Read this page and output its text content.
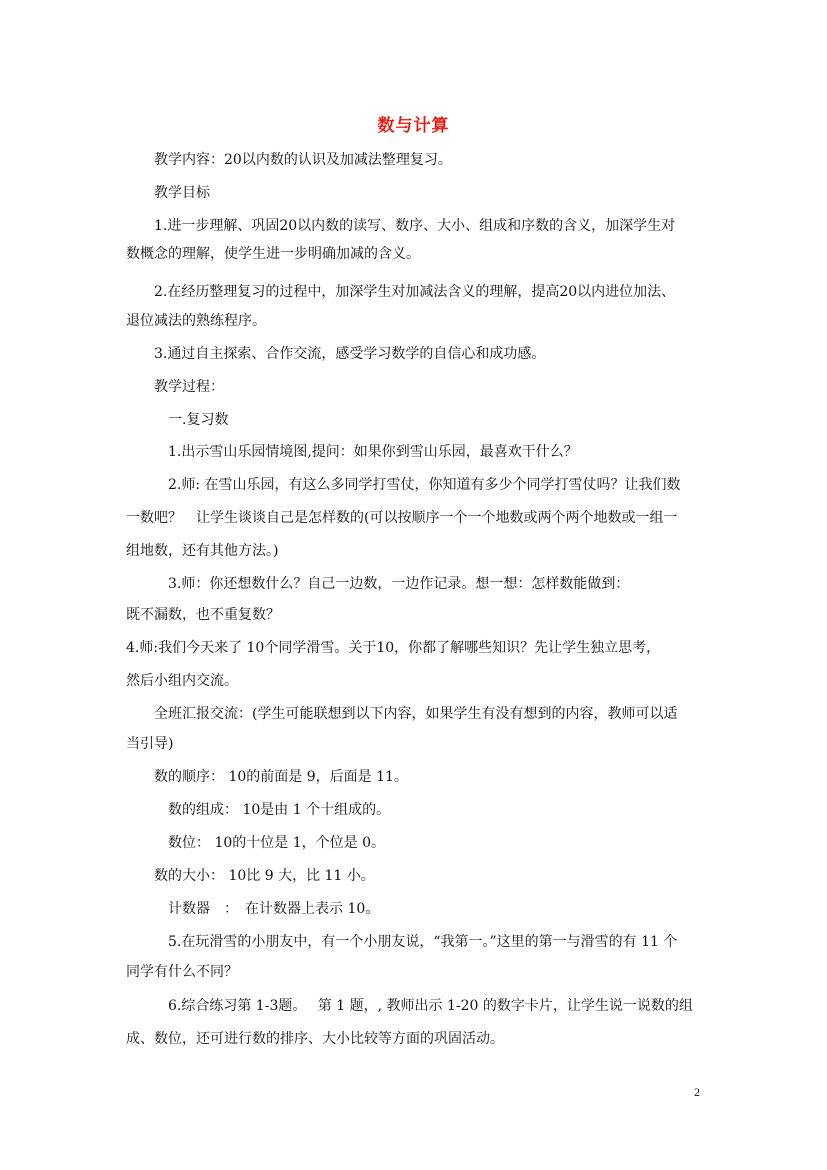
数与计算
教学内容：20以内数的认识及加减法整理复习。
教学目标
1.进一步理解、巩固20以内数的读写、数序、大小、组成和序数的含义，加深学生对
数概念的理解，使学生进一步明确加减的含义。
2.在经历整理复习的过程中，加深学生对加减法含义的理解，提高20以内进位加法、
退位减法的熟练程序。
3.通过自主探索、合作交流，感受学习数学的自信心和成功感。
教学过程：
一.复习数
1.出示雪山乐园情境图,提问：如果你到雪山乐园，最喜欢干什么？
2.师: 在雪山乐园，有这么多同学打雪仗，你知道有多少个同学打雪仗吗？让我们数
一数吧？　让学生谈谈自己是怎样数的(可以按顺序一个一个地数或两个两个地数或一组一
组地数，还有其他方法。)
3.师：你还想数什么？自己一边数，一边作记录。想一想：怎样数能做到：
既不漏数，也不重复数？
4.师:我们今天来了 10个同学滑雪。关于10，你都了解哪些知识？先让学生独立思考，
然后小组内交流。
全班汇报交流：(学生可能联想到以下内容，如果学生有没有想到的内容，教师可以适
当引导)
数的顺序： 10的前面是 9，后面是 11。
数的组成： 10是由 1 个十组成的。
数位： 10的十位是 1，个位是 0。
数的大小： 10比 9 大，比 11 小。
计数器　：　在计数器上表示 10。
5.在玩滑雪的小朋友中，有一个小朋友说，“我第一。”这里的第一与滑雪的有 11 个
同学有什么不同？
6.综合练习第 1-3题。　 第 1 题，, 教师出示 1-20 的数字卡片，让学生说一说数的组
成、数位，还可进行数的排序、大小比较等方面的巩固活动。
2
